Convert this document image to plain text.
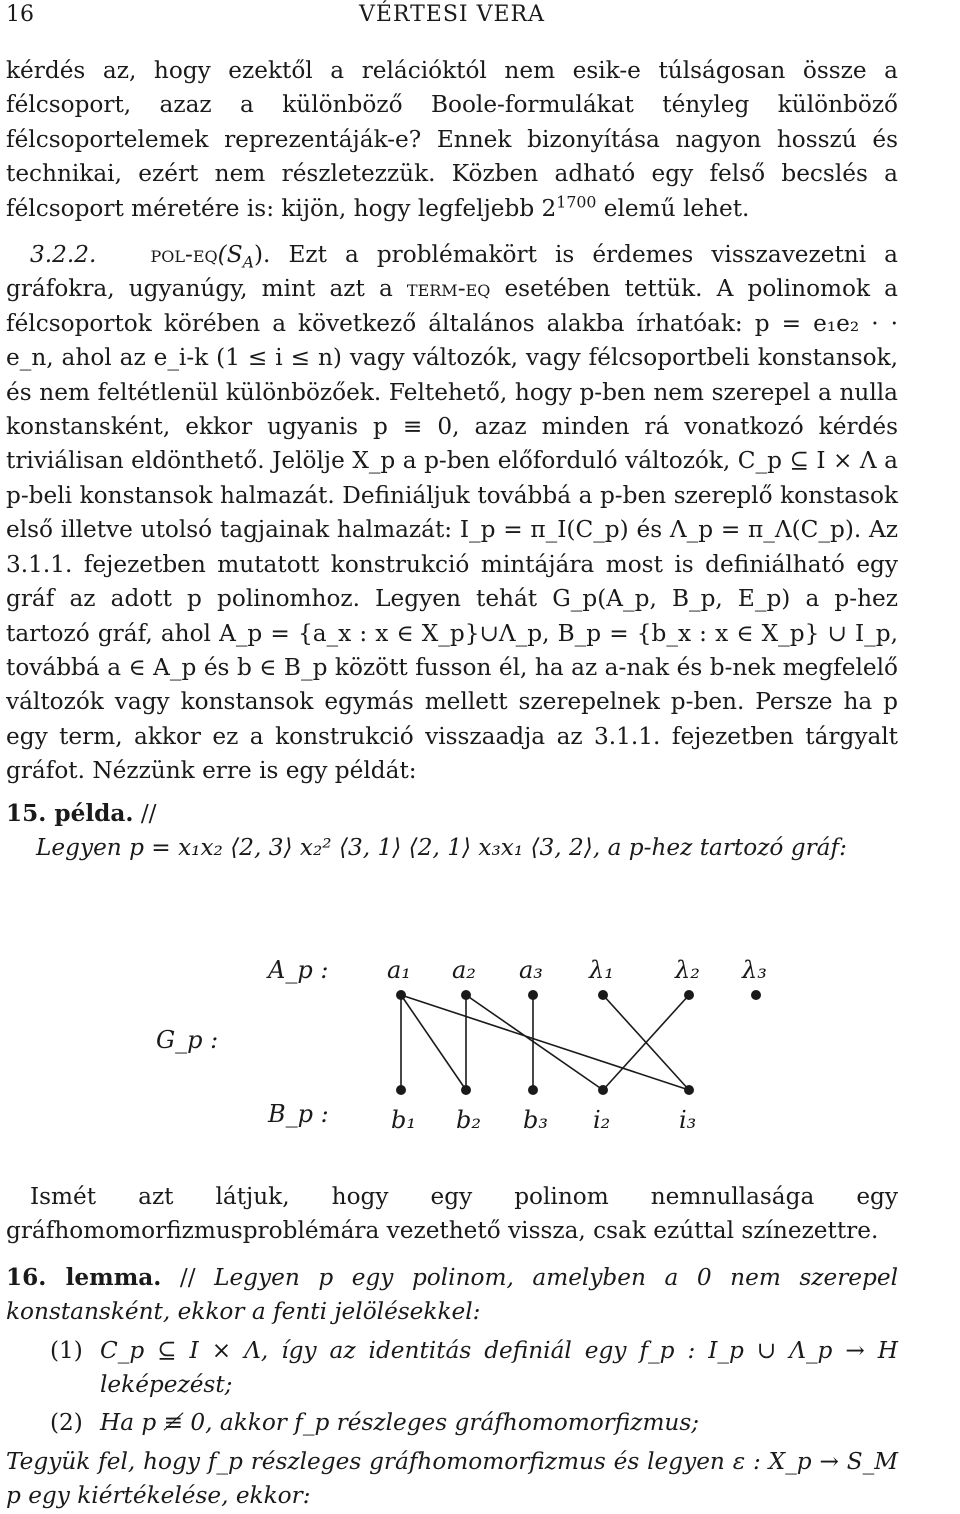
16	VÉRTESI VERA

kérdés az, hogy ezektől a relációktól nem esik-e túlságosan össze a félcsoport, azaz a különböző Boole-formulákat tényleg különböző félcsoportelemek reprezentáják-e? Ennek bizonyítása nagyon hosszú és technikai, ezért nem részletezzük. Közben adható egy felső becslés a félcsoport méretére is: kijön, hogy legfeljebb $2^{1700}$ elemű lehet.

3.2.2. pol-$eq(S_A)$. Ezt a problémakört is érdemes visszavezetni a gráfokra, ugyanúgy, mint azt a term-eq esetében tettük. A polinomok a félcsoportok körében a következő általános alakba írhatóak: p = e₁e₂ · · e_n, ahol az e_i-k (1 ≤ i ≤ n) vagy változók, vagy félcsoportbeli konstansok, és nem feltétlenül különbözőek. Feltehető, hogy p-ben nem szerepel a nulla konstansként, ekkor ugyanis p ≡ 0, azaz minden rá vonatkozó kérdés triviálisan eldönthető. Jelölje X_p a p-ben előforduló változók, C_p ⊆ I × Λ a p-beli konstansok halmazát. Definiáljuk továbbá a p-ben szereplő konstasok első illetve utolsó tagjainak halmazát: I_p = π_I(C_p) és Λ_p = π_Λ(C_p). Az 3.1.1. fejezetben mutatott konstrukció mintájára most is definiálható egy gráf az adott p polinomhoz. Legyen tehát G_p(A_p, B_p, E_p) a p-hez tartozó gráf, ahol A_p = {a_x : x ∈ X_p}∪Λ_p, B_p = {b_x : x ∈ X_p} ∪ I_p, továbbá a ∈ A_p és b ∈ B_p között fusson él, ha az a-nak és b-nek megfelelő változók vagy konstansok egymás mellett szerepelnek p-ben. Persze ha p egy term, akkor ez a konstrukció visszaadja az 3.1.1. fejezetben tárgyalt gráfot. Nézzünk erre is egy példát:

15. példa. //

Legyen p = x₁x₂ ⟨2, 3⟩ x₂² ⟨3, 1⟩ ⟨2, 1⟩ x₃x₁ ⟨3, 2⟩, a p-hez tartozó gráf:

A_p :
G_p :
B_p :
a₁ a₂ a₃ λ₁	λ₂ λ₃
b₁ b₂ b₃ i₂	i₃

Ismét azt látjuk, hogy egy polinom nemnullasága egy gráfhomomorfizmusproblémára vezethető vissza, csak ezúttal színezettre.

16. lemma. // Legyen p egy polinom, amelyben a 0 nem szerepel konstansként, ekkor a fenti jelölésekkel:

(1) C_p ⊆ I × Λ, így az identitás definiál egy f_p : I_p ∪ Λ_p → H leképezést;
(2) Ha p ≢ 0, akkor f_p részleges gráfhomomorfizmus;

Tegyük fel, hogy f_p részleges gráfhomomorfizmus és legyen ε : X_p → S_M p egy kiértékelése, ekkor:
